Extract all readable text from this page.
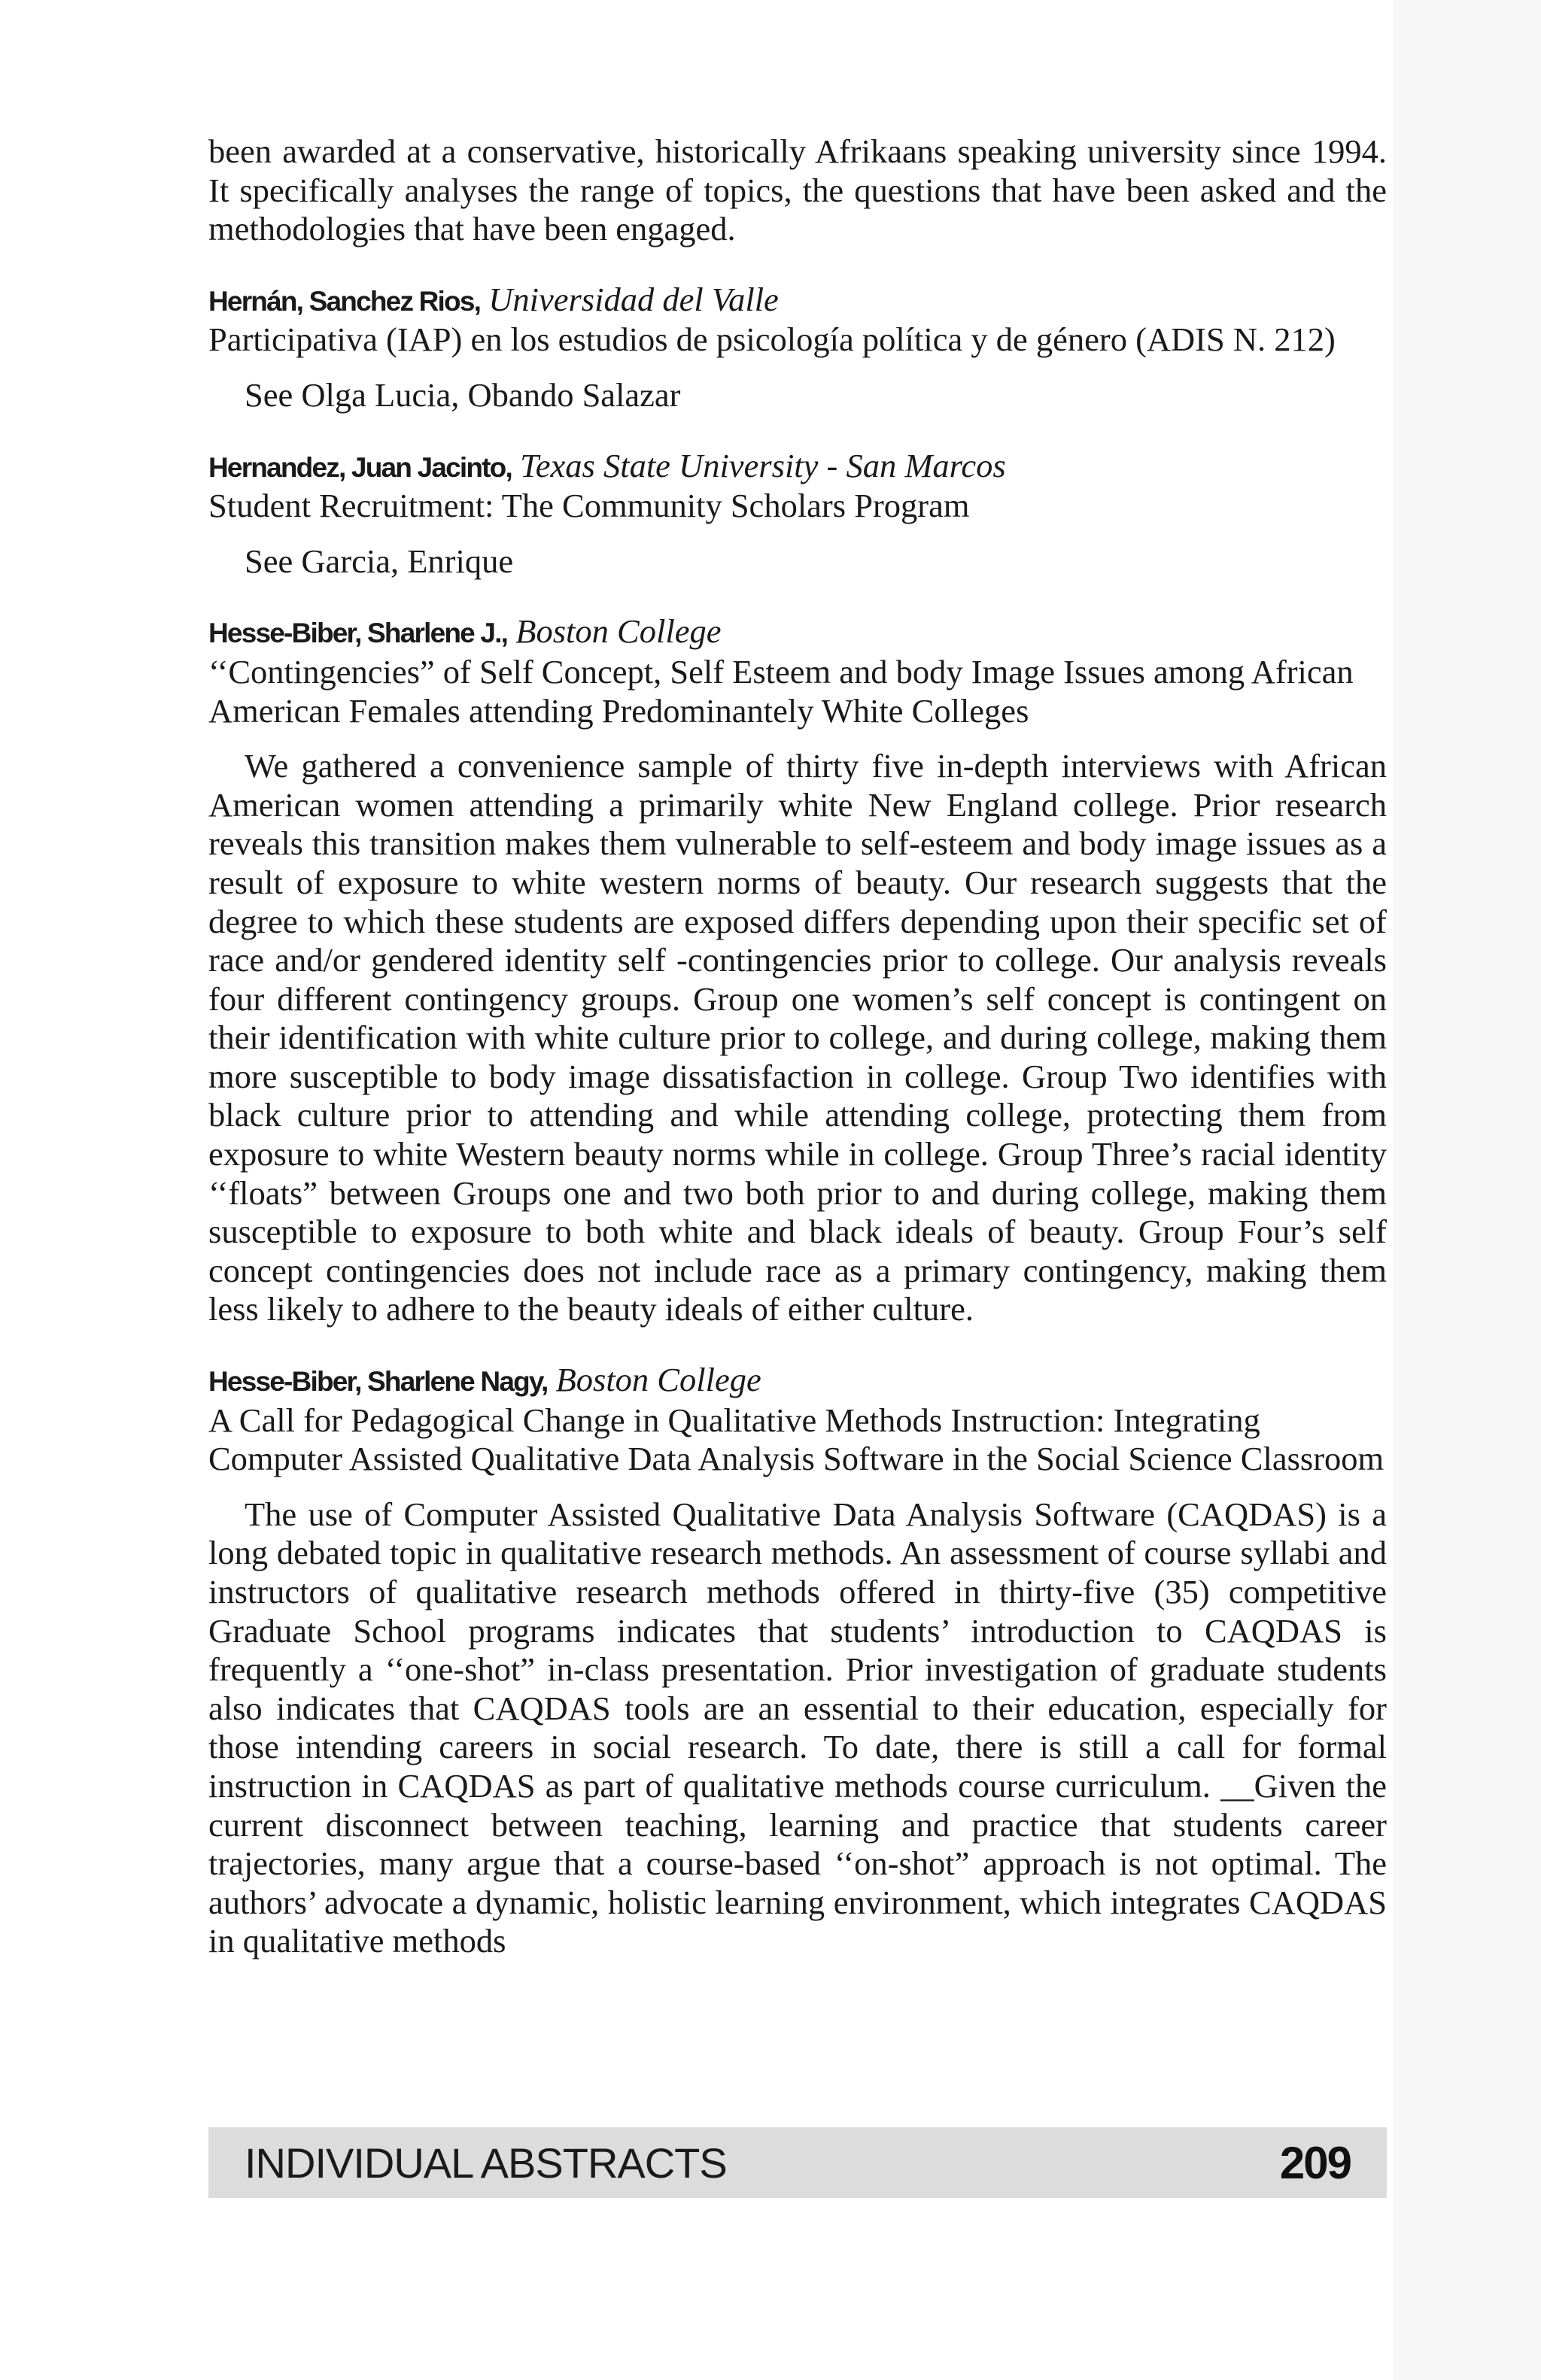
been awarded at a conservative, historically Afrikaans speaking university since 1994. It specifically analyses the range of topics, the questions that have been asked and the methodologies that have been engaged.

Hernán, Sanchez Rios, Universidad del Valle

Participativa (IAP) en los estudios de psicología política y de género (ADIS N. 212)

See Olga Lucia, Obando Salazar

Hernandez, Juan Jacinto, Texas State University - San Marcos

Student Recruitment: The Community Scholars Program

See Garcia, Enrique

Hesse-Biber, Sharlene J., Boston College

‘‘Contingencies” of Self Concept, Self Esteem and body Image Issues among African American Females attending Predominantely White Colleges

We gathered a convenience sample of thirty five in-depth interviews with African American women attending a primarily white New England college. Prior research reveals this transition makes them vulnerable to self-esteem and body image issues as a result of exposure to white western norms of beauty. Our research suggests that the degree to which these students are exposed differs depending upon their specific set of race and/or gendered identity self -contingencies prior to college. Our analysis reveals four different contingency groups. Group one women’s self concept is contingent on their identification with white culture prior to college, and during college, making them more susceptible to body image dissatisfaction in college. Group Two identifies with black culture prior to attending and while attending college, protecting them from exposure to white Western beauty norms while in college. Group Three’s racial identity ‘‘floats” between Groups one and two both prior to and during college, making them susceptible to exposure to both white and black ideals of beauty. Group Four’s self concept contingencies does not include race as a primary contingency, making them less likely to adhere to the beauty ideals of either culture.

Hesse-Biber, Sharlene Nagy, Boston College

A Call for Pedagogical Change in Qualitative Methods Instruction: Integrating Computer Assisted Qualitative Data Analysis Software in the Social Science Classroom

The use of Computer Assisted Qualitative Data Analysis Software (CAQDAS) is a long debated topic in qualitative research methods. An assessment of course syllabi and instructors of qualitative research methods offered in thirty-five (35) competitive Graduate School programs indicates that students’ introduction to CAQDAS is frequently a ‘‘one-shot” in-class presentation. Prior investigation of graduate students also indicates that CAQDAS tools are an essential to their education, especially for those intending careers in social research. To date, there is still a call for formal instruction in CAQDAS as part of qualitative methods course curriculum. __Given the current disconnect between teaching, learning and practice that students career trajectories, many argue that a course-based ‘‘on-shot” approach is not optimal. The authors’ advocate a dynamic, holistic learning environment, which integrates CAQDAS in qualitative methods

INDIVIDUAL ABSTRACTS	209
